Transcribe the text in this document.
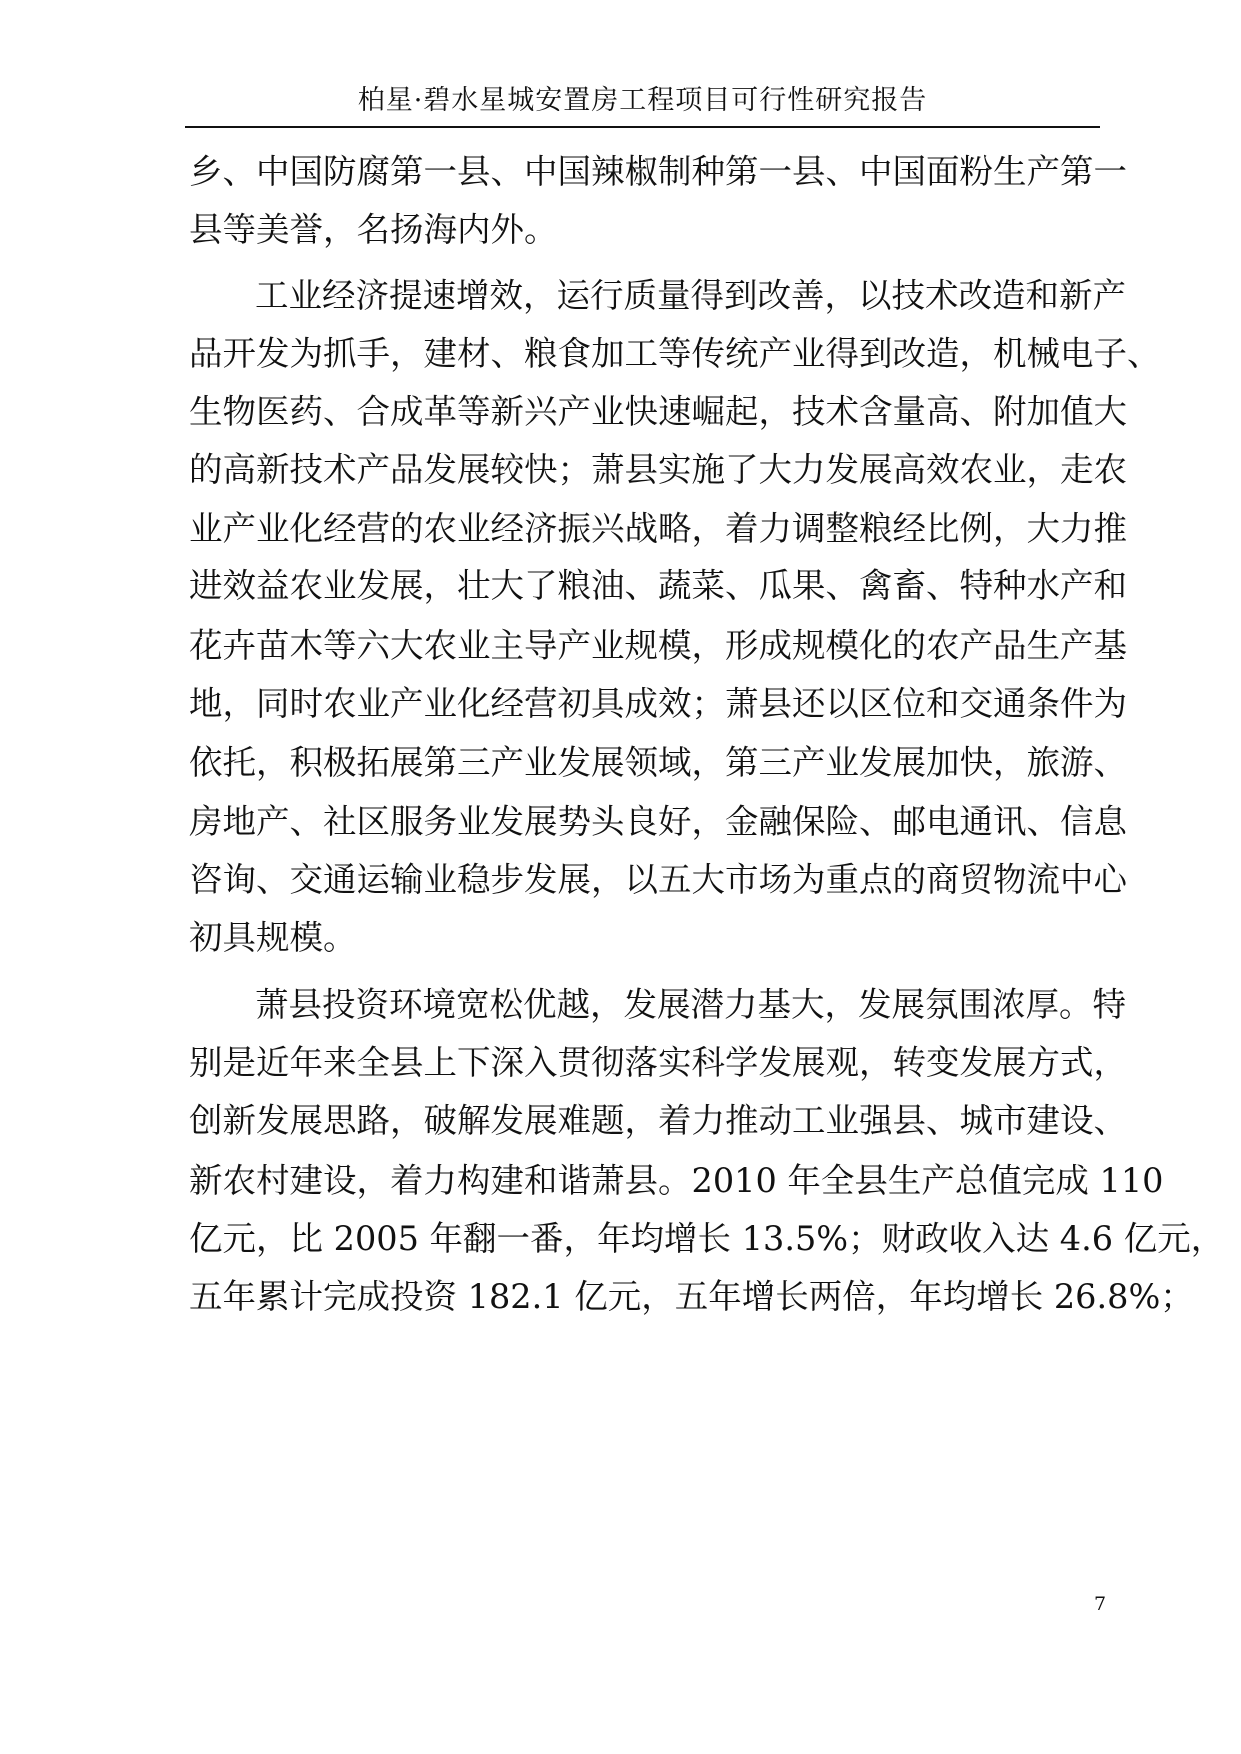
柏星·碧水星城安置房工程项目可行性研究报告
乡、中国防腐第一县、中国辣椒制种第一县、中国面粉生产第一
县等美誉，名扬海内外。
工业经济提速增效，运行质量得到改善，以技术改造和新产
品开发为抓手，建材、粮食加工等传统产业得到改造，机械电子、
生物医药、合成革等新兴产业快速崛起，技术含量高、附加值大
的高新技术产品发展较快；萧县实施了大力发展高效农业，走农
业产业化经营的农业经济振兴战略，着力调整粮经比例，大力推
进效益农业发展，壮大了粮油、蔬菜、瓜果、禽畜、特种水产和
花卉苗木等六大农业主导产业规模，形成规模化的农产品生产基
地，同时农业产业化经营初具成效；萧县还以区位和交通条件为
依托，积极拓展第三产业发展领域，第三产业发展加快，旅游、
房地产、社区服务业发展势头良好，金融保险、邮电通讯、信息
咨询、交通运输业稳步发展，以五大市场为重点的商贸物流中心
初具规模。
萧县投资环境宽松优越，发展潜力基大，发展氛围浓厚。特
别是近年来全县上下深入贯彻落实科学发展观，转变发展方式，
创新发展思路，破解发展难题，着力推动工业强县、城市建设、
新农村建设，着力构建和谐萧县。2010 年全县生产总值完成 110
亿元，比 2005 年翻一番，年均增长 13.5%；财政收入达 4.6 亿元，
五年累计完成投资 182.1 亿元，五年增长两倍，年均增长 26.8%；
7
